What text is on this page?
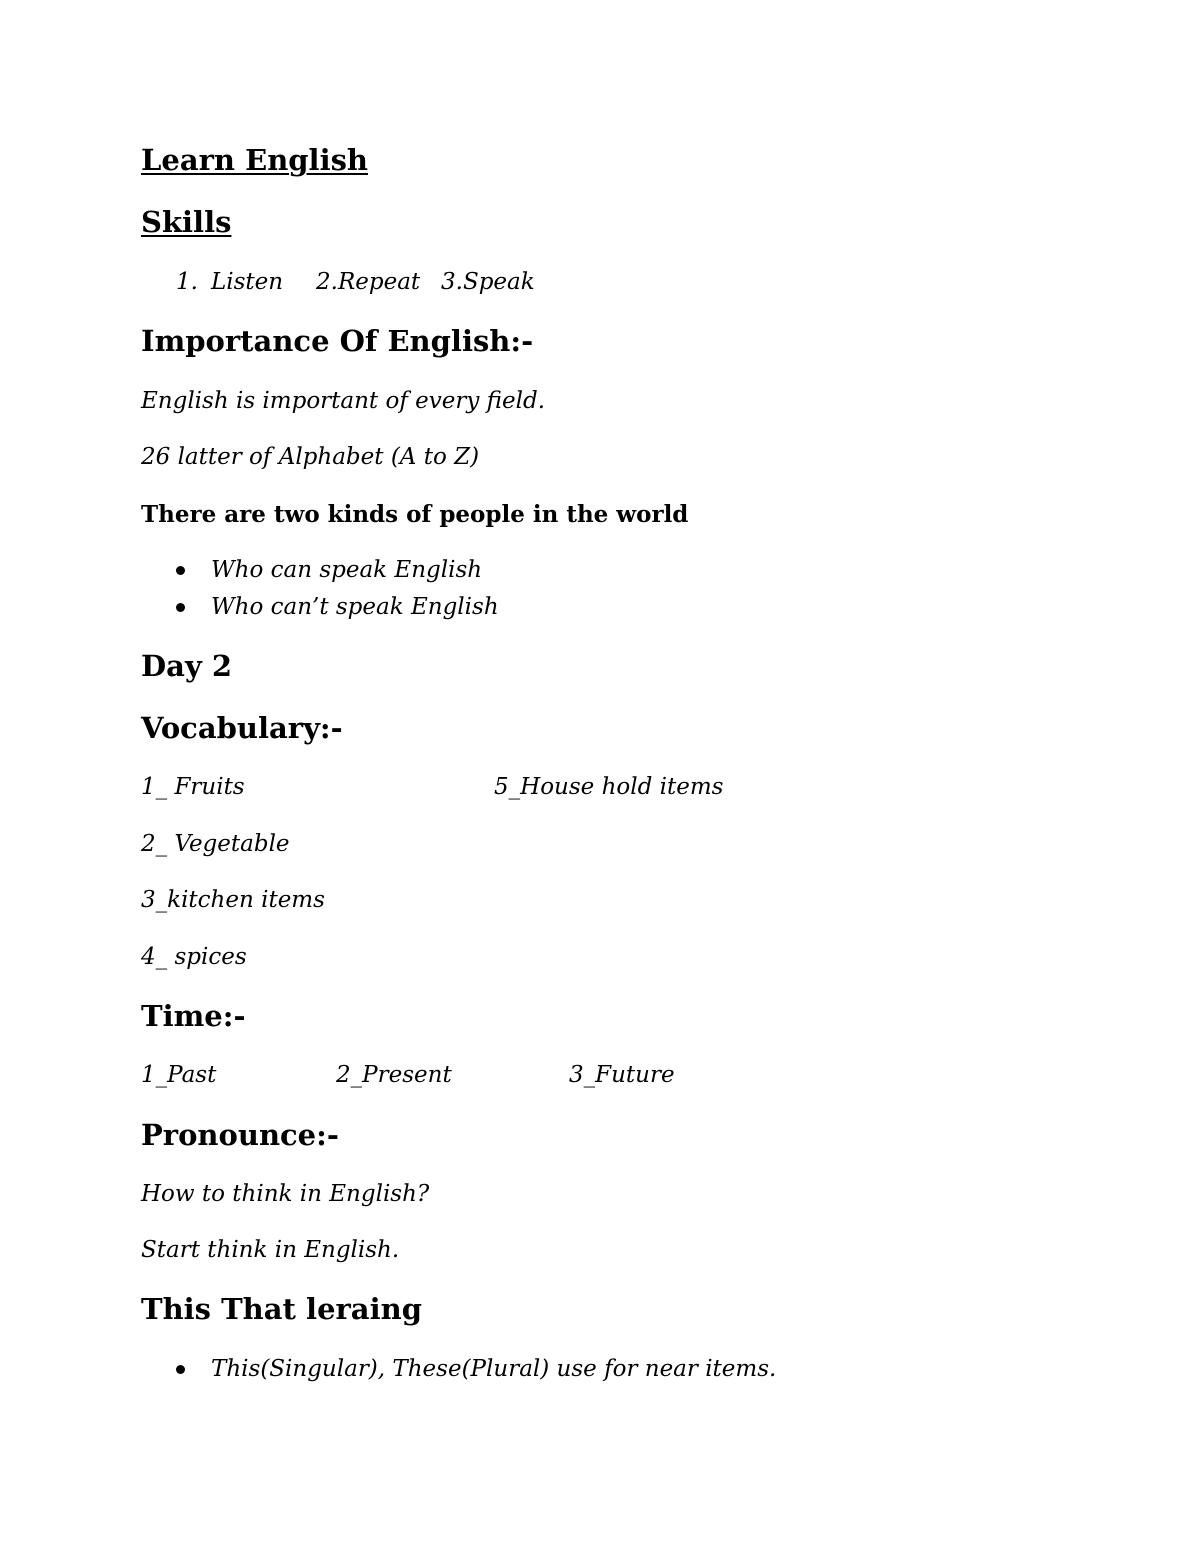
Learn English
Skills
1. Listen 2.Repeat 3.Speak
Importance Of English:-
English is important of every field.
26 latter of Alphabet (A to Z)
There are two kinds of people in the world
Who can speak English
Who can’t speak English
Day 2
Vocabulary:-
1_ Fruits	5_House hold items
2_ Vegetable
3_kitchen items
4_ spices
Time:-
1_Past	2_Present	3_Future
Pronounce:-
How to think in English?
Start think in English.
This That leraing
This(Singular), These(Plural) use for near items.
